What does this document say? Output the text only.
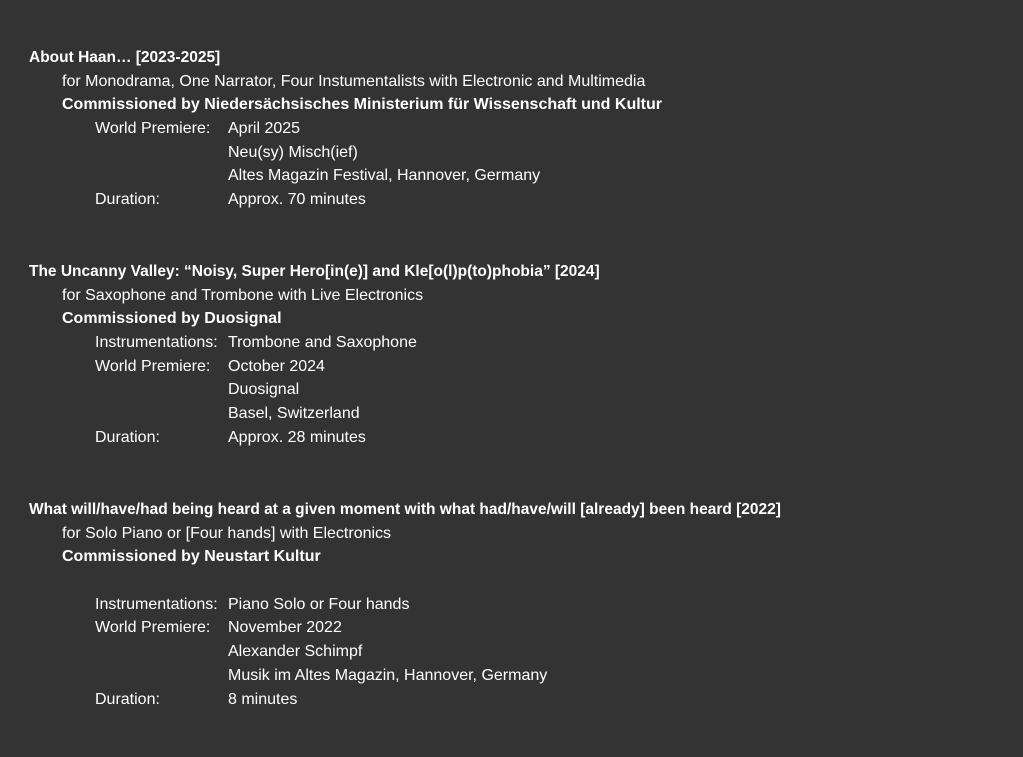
About Haan… [2023-2025]
for Monodrama, One Narrator, Four Instumentalists with Electronic and Multimedia
Commissioned by Niedersächsisches Ministerium für Wissenschaft und Kultur
World Premiere: April 2025
Neu(sy) Misch(ief)
Altes Magazin Festival, Hannover, Germany
Duration:	Approx. 70 minutes
The Uncanny Valley: “Noisy, Super Hero[in(e)] and Kle[o(l)p(to)phobia” [2024]
for Saxophone and Trombone with Live Electronics
Commissioned by Duosignal
Instrumentations: Trombone and Saxophone
World Premiere: October 2024
Duosignal
Basel, Switzerland
Duration:	Approx. 28 minutes
What will/have/had being heard at a given moment with what had/have/will [already] been heard [2022]
for Solo Piano or [Four hands] with Electronics
Commissioned by Neustart Kultur
Instrumentations: Piano Solo or Four hands
World Premiere: November 2022
Alexander Schimpf
Musik im Altes Magazin, Hannover, Germany
Duration:	8 minutes
